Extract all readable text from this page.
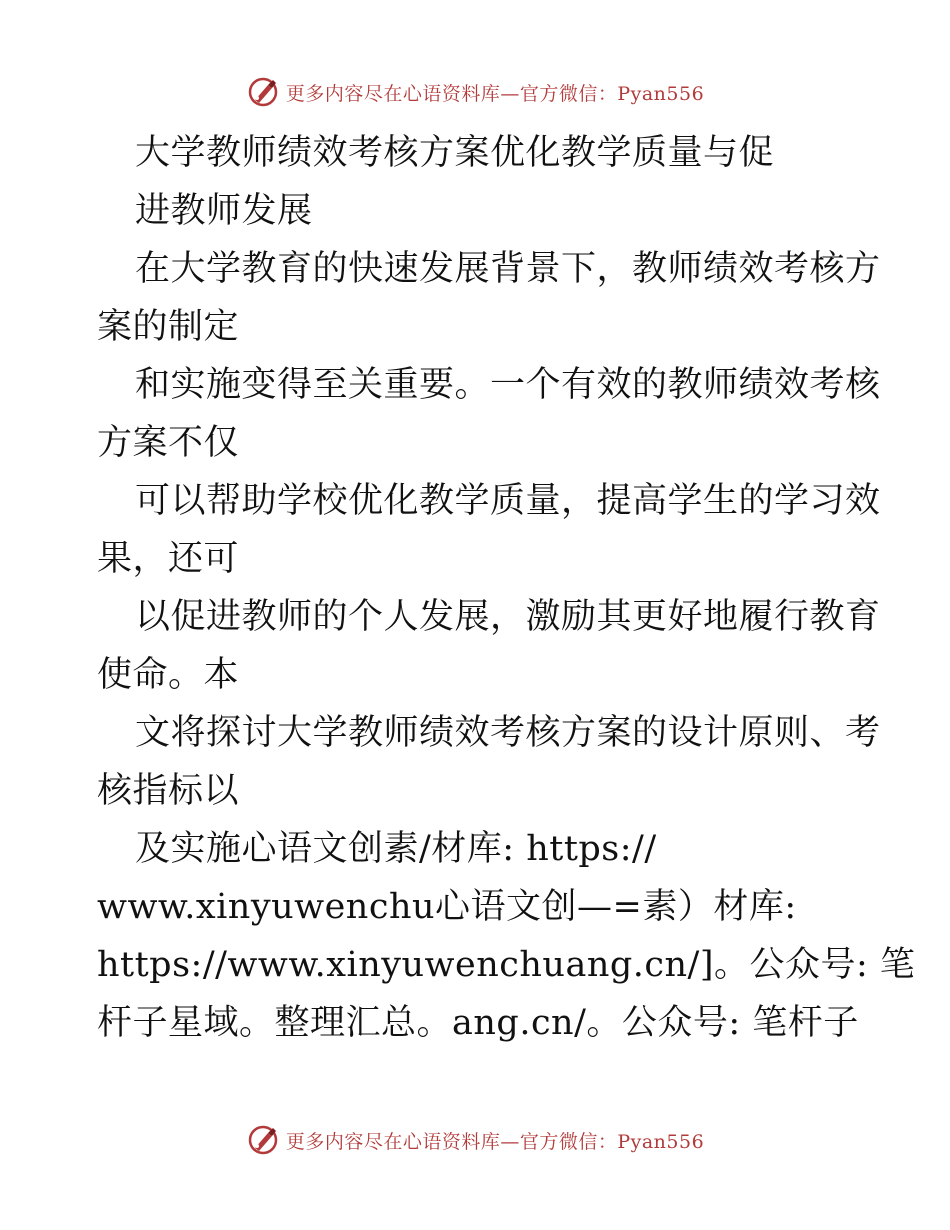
更多内容尽在心语资料库—官方微信：Pyan556
大学教师绩效考核方案优化教学质量与促
进教师发展
在大学教育的快速发展背景下，教师绩效考核方
案的制定
和实施变得至关重要。一个有效的教师绩效考核
方案不仅
可以帮助学校优化教学质量，提高学生的学习效
果，还可
以促进教师的个人发展，激励其更好地履行教育
使命。本
文将探讨大学教师绩效考核方案的设计原则、考
核指标以
及实施心语文创素/材库: https://
www.xinyuwenchu心语文创—=素）材库:
https://www.xinyuwenchuang.cn/]。公众号: 笔
杆子星域。整理汇总。ang.cn/。公众号: 笔杆子
更多内容尽在心语资料库—官方微信：Pyan556
